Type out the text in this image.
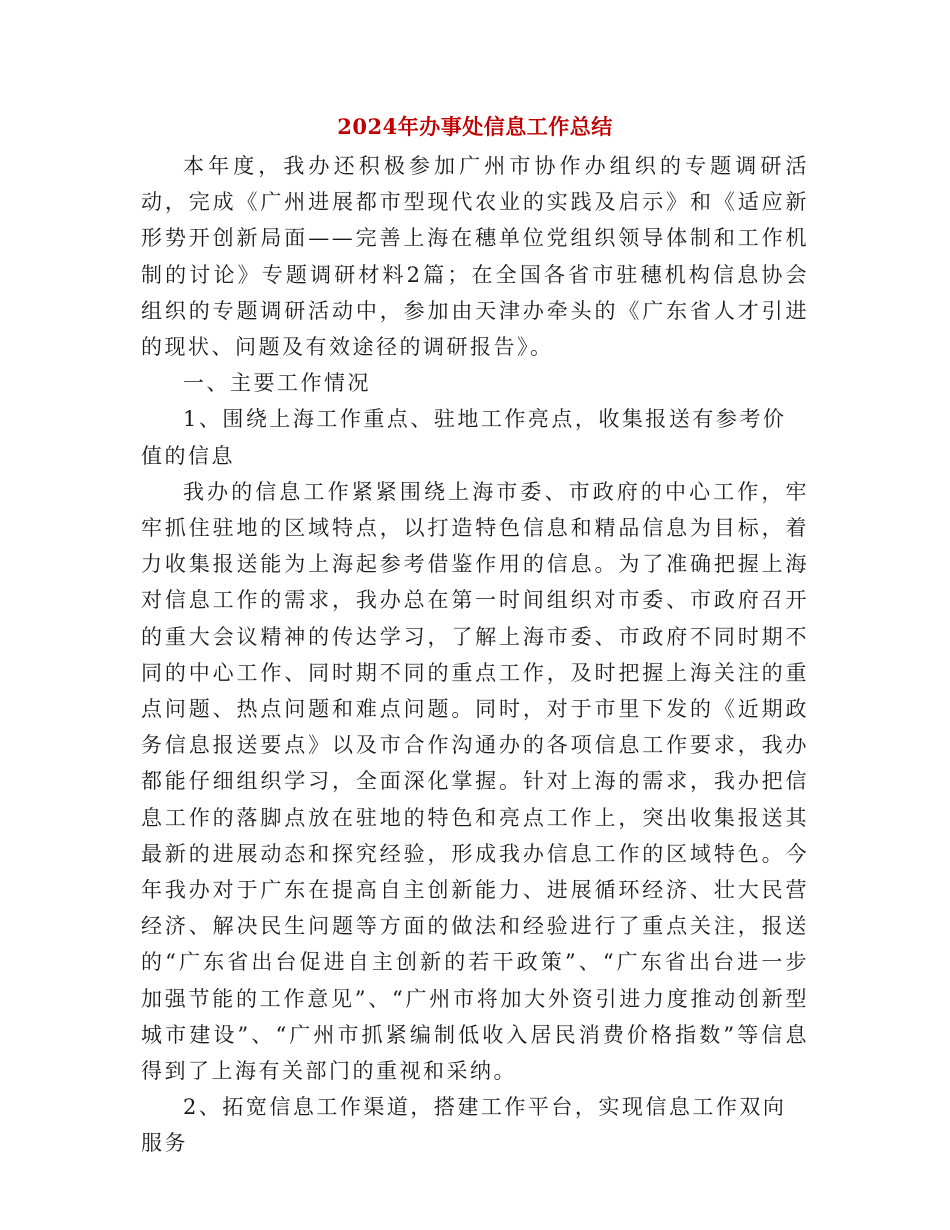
2024年办事处信息工作总结

本年度，我办还积极参加广州市协作办组织的专题调研活动，完成《广州进展都市型现代农业的实践及启示》和《适应新形势开创新局面——完善上海在穗单位党组织领导体制和工作机制的讨论》专题调研材料2篇；在全国各省市驻穗机构信息协会组织的专题调研活动中，参加由天津办牵头的《广东省人才引进的现状、问题及有效途径的调研报告》。

一、主要工作情况

1、围绕上海工作重点、驻地工作亮点，收集报送有参考价值的信息

我办的信息工作紧紧围绕上海市委、市政府的中心工作，牢牢抓住驻地的区域特点，以打造特色信息和精品信息为目标，着力收集报送能为上海起参考借鉴作用的信息。为了准确把握上海对信息工作的需求，我办总在第一时间组织对市委、市政府召开的重大会议精神的传达学习，了解上海市委、市政府不同时期不同的中心工作、同时期不同的重点工作，及时把握上海关注的重点问题、热点问题和难点问题。同时，对于市里下发的《近期政务信息报送要点》以及市合作沟通办的各项信息工作要求，我办都能仔细组织学习，全面深化掌握。针对上海的需求，我办把信息工作的落脚点放在驻地的特色和亮点工作上，突出收集报送其最新的进展动态和探究经验，形成我办信息工作的区域特色。今年我办对于广东在提高自主创新能力、进展循环经济、壮大民营经济、解决民生问题等方面的做法和经验进行了重点关注，报送的“广东省出台促进自主创新的若干政策”、“广东省出台进一步加强节能的工作意见”、“广州市将加大外资引进力度推动创新型城市建设”、“广州市抓紧编制低收入居民消费价格指数”等信息得到了上海有关部门的重视和采纳。

2、拓宽信息工作渠道，搭建工作平台，实现信息工作双向服务
